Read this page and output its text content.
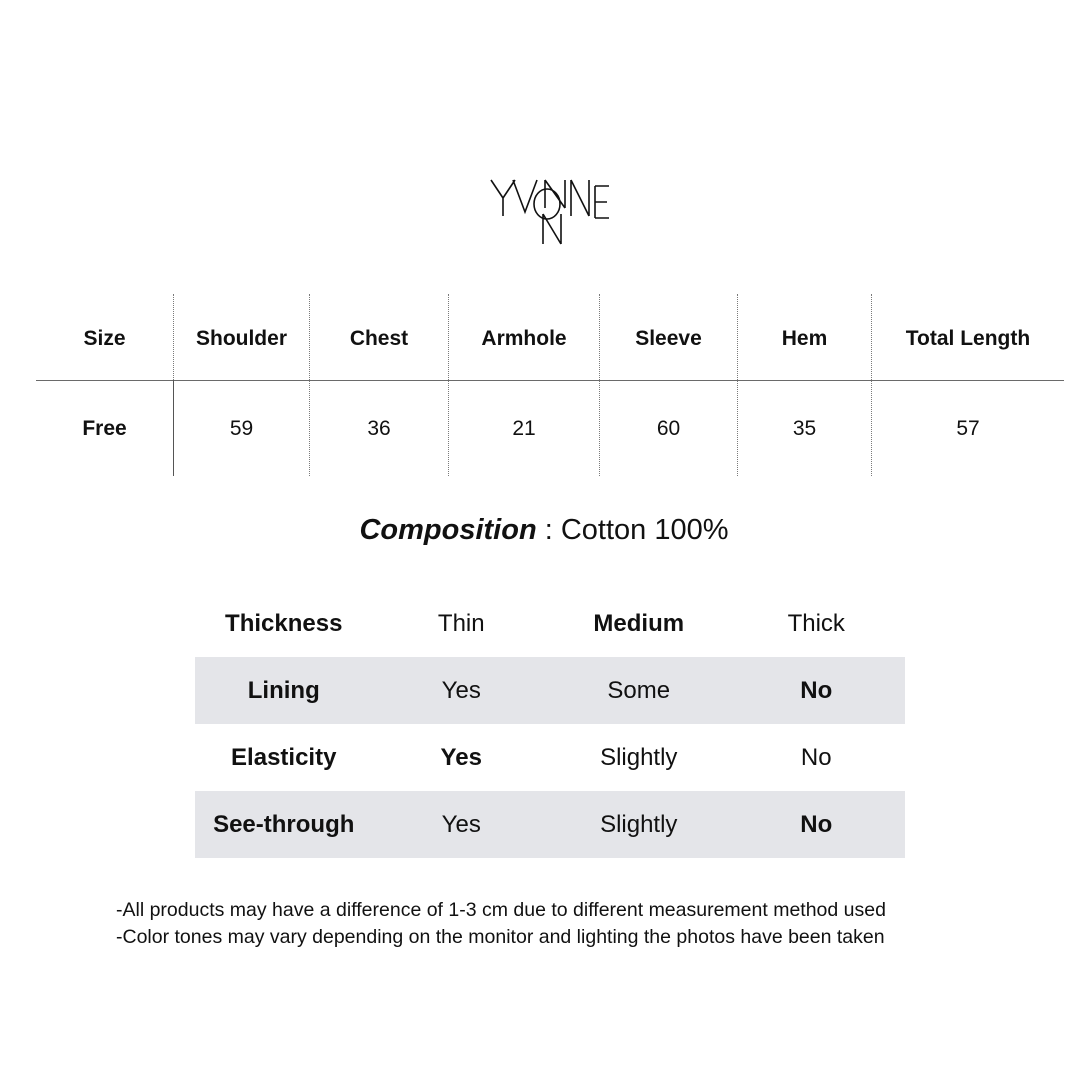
Size	Shoulder	Chest	Armhole	Sleeve	Hem	Total Length
Free	59	36	21	60	35	57
Composition : Cotton 100%
Thickness	Thin	Medium	Thick
Lining	Yes	Some	No
Elasticity	Yes	Slightly	No
See-through	Yes	Slightly	No
-All products may have a difference of 1-3 cm due to different measurement method used
-Color tones may vary depending on the monitor and lighting the photos have been taken
